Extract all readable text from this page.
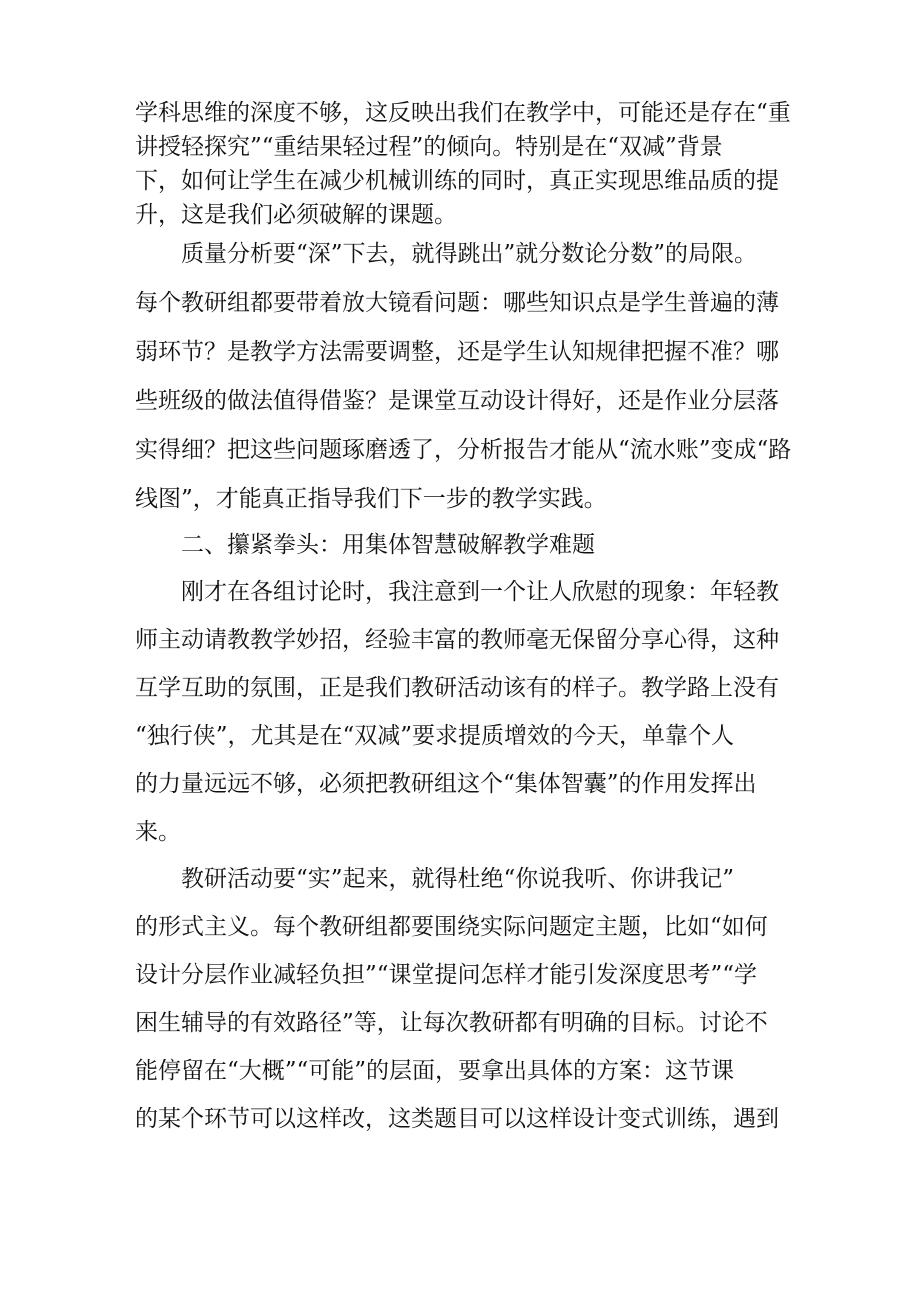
学科思维的深度不够，这反映出我们在教学中，可能还是存在“重
讲授轻探究”“重结果轻过程”的倾向。特别是在“双减”背景
下，如何让学生在减少机械训练的同时，真正实现思维品质的提
升，这是我们必须破解的课题。
　　质量分析要“深”下去，就得跳出”就分数论分数”的局限。
每个教研组都要带着放大镜看问题：哪些知识点是学生普遍的薄
弱环节？是教学方法需要调整，还是学生认知规律把握不准？哪
些班级的做法值得借鉴？是课堂互动设计得好，还是作业分层落
实得细？把这些问题琢磨透了，分析报告才能从“流水账”变成“路
线图”，才能真正指导我们下一步的教学实践。
　　二、攥紧拳头：用集体智慧破解教学难题
　　刚才在各组讨论时，我注意到一个让人欣慰的现象：年轻教
师主动请教教学妙招，经验丰富的教师毫无保留分享心得，这种
互学互助的氛围，正是我们教研活动该有的样子。教学路上没有
“独行侠”，尤其是在“双减”要求提质增效的今天，单靠个人
的力量远远不够，必须把教研组这个“集体智囊”的作用发挥出
来。
　　教研活动要“实”起来，就得杜绝“你说我听、你讲我记”
的形式主义。每个教研组都要围绕实际问题定主题，比如“如何
设计分层作业减轻负担”“课堂提问怎样才能引发深度思考”“学
困生辅导的有效路径”等，让每次教研都有明确的目标。讨论不
能停留在“大概”“可能”的层面，要拿出具体的方案：这节课
的某个环节可以这样改，这类题目可以这样设计变式训练，遇到
